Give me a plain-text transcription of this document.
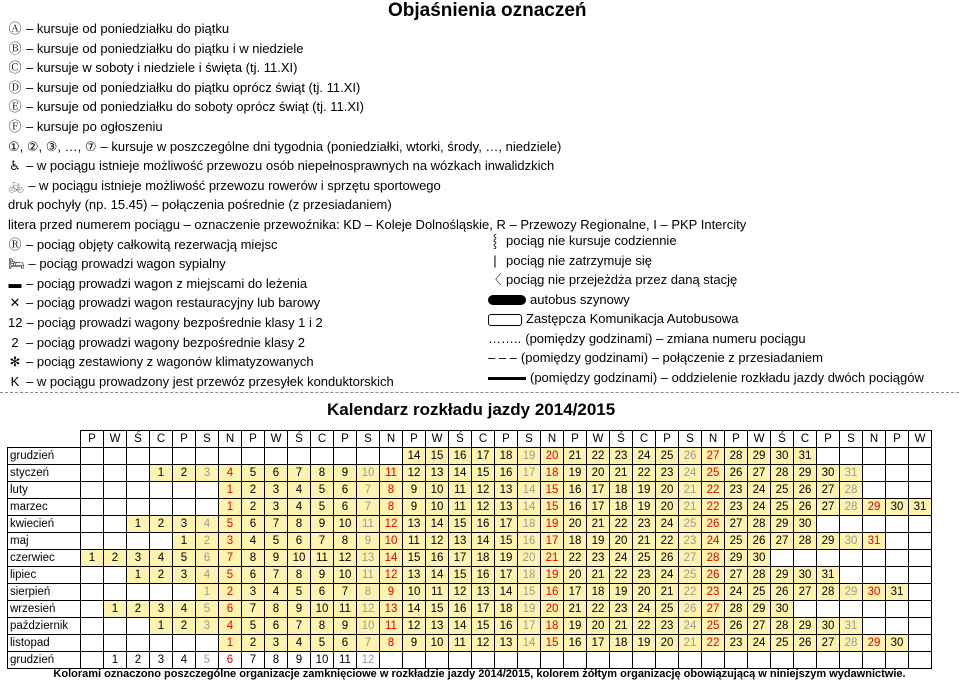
Objaśnienia oznaczeń
Ⓐ – kursuje od poniedziałku do piątku
Ⓑ – kursuje od poniedziałku do piątku i w niedziele
Ⓒ – kursuje w soboty i niedziele i święta (tj. 11.XI)
Ⓓ – kursuje od poniedziałku do piątku oprócz świąt (tj. 11.XI)
Ⓔ – kursuje od poniedziałku do soboty oprócz świąt (tj. 11.XI)
Ⓕ – kursuje po ogłoszeniu
①, ②, ③, …, ⑦ – kursuje w poszczególne dni tygodnia (poniedziałki, wtorki, środy, …, niedziele)
♿ – w pociągu istnieje możliwość przewozu osób niepełnosprawnych na wózkach inwalidzkich
🚲 – w pociągu istnieje możliwość przewozu rowerów i sprzętu sportowego
druk pochyły (np. 15.45) – połączenia pośrednie (z przesiadaniem)
litera przed numerem pociągu – oznaczenie przewoźnika: KD – Koleje Dolnośląskie, R – Przewozy Regionalne, I – PKP Intercity
Ⓡ – pociąg objęty całkowitą rezerwacją miejsc
🛏 – pociąg prowadzi wagon sypialny
▬ – pociąg prowadzi wagon z miejscami do leżenia
✕ – pociąg prowadzi wagon restauracyjny lub barowy
12 – pociąg prowadzi wagony bezpośrednie klasy 1 i 2
2 – pociąg prowadzi wagony bezpośrednie klasy 2
✻ – pociąg zestawiony z wagonów klimatyzowanych
K – w pociągu prowadzony jest przewóz przesyłek konduktorskich
⸾ pociąg nie kursuje codziennie
| pociąg nie zatrzymuje się
〈 pociąg nie przejeżdża przez daną stację
autobus szynowy
Zastępcza Komunikacja Autobusowa
…….. (pomiędzy godzinami) – zmiana numeru pociągu
– – – (pomiędzy godzinami) – połączenie z przesiadaniem
(pomiędzy godzinami) – oddzielenie rozkładu jazdy dwóch pociągów
Kalendarz rozkładu jazdy 2014/2015
	P	W	Ś	C	P	S	N	P	W	Ś	C	P	S	N	P	W	Ś	C	P	S	N	P	W	Ś	C	P	S	N	P	W	Ś	C	P	S	N	P	W
grudzień															14	15	16	17	18	19	20	21	22	23	24	25	26	27	28	29	30	31					
styczeń				1	2	3	4	5	6	7	8	9	10	11	12	13	14	15	16	17	18	19	20	21	22	23	24	25	26	27	28	29	30	31			
luty							1	2	3	4	5	6	7	8	9	10	11	12	13	14	15	16	17	18	19	20	21	22	23	24	25	26	27	28			
marzec							1	2	3	4	5	6	7	8	9	10	11	12	13	14	15	16	17	18	19	20	21	22	23	24	25	26	27	28	29	30	31
kwiecień			1	2	3	4	5	6	7	8	9	10	11	12	13	14	15	16	17	18	19	20	21	22	23	24	25	26	27	28	29	30					
maj					1	2	3	4	5	6	7	8	9	10	11	12	13	14	15	16	17	18	19	20	21	22	23	24	25	26	27	28	29	30	31		
czerwiec	1	2	3	4	5	6	7	8	9	10	11	12	13	14	15	16	17	18	19	20	21	22	23	24	25	26	27	28	29	30							
lipiec			1	2	3	4	5	6	7	8	9	10	11	12	13	14	15	16	17	18	19	20	21	22	23	24	25	26	27	28	29	30	31				
sierpień						1	2	3	4	5	6	7	8	9	10	11	12	13	14	15	16	17	18	19	20	21	22	23	24	25	26	27	28	29	30	31	
wrzesień		1	2	3	4	5	6	7	8	9	10	11	12	13	14	15	16	17	18	19	20	21	22	23	24	25	26	27	28	29	30						
październik				1	2	3	4	5	6	7	8	9	10	11	12	13	14	15	16	17	18	19	20	21	22	23	24	25	26	27	28	29	30	31			
listopad							1	2	3	4	5	6	7	8	9	10	11	12	13	14	15	16	17	18	19	20	21	22	23	24	25	26	27	28	29	30	
grudzień		1	2	3	4	5	6	7	8	9	10	11	12																								
Kolorami oznaczono poszczególne organizacje zamknięciowe w rozkładzie jazdy 2014/2015, kolorem żółtym organizację obowiązującą w niniejszym wydawnictwie.
